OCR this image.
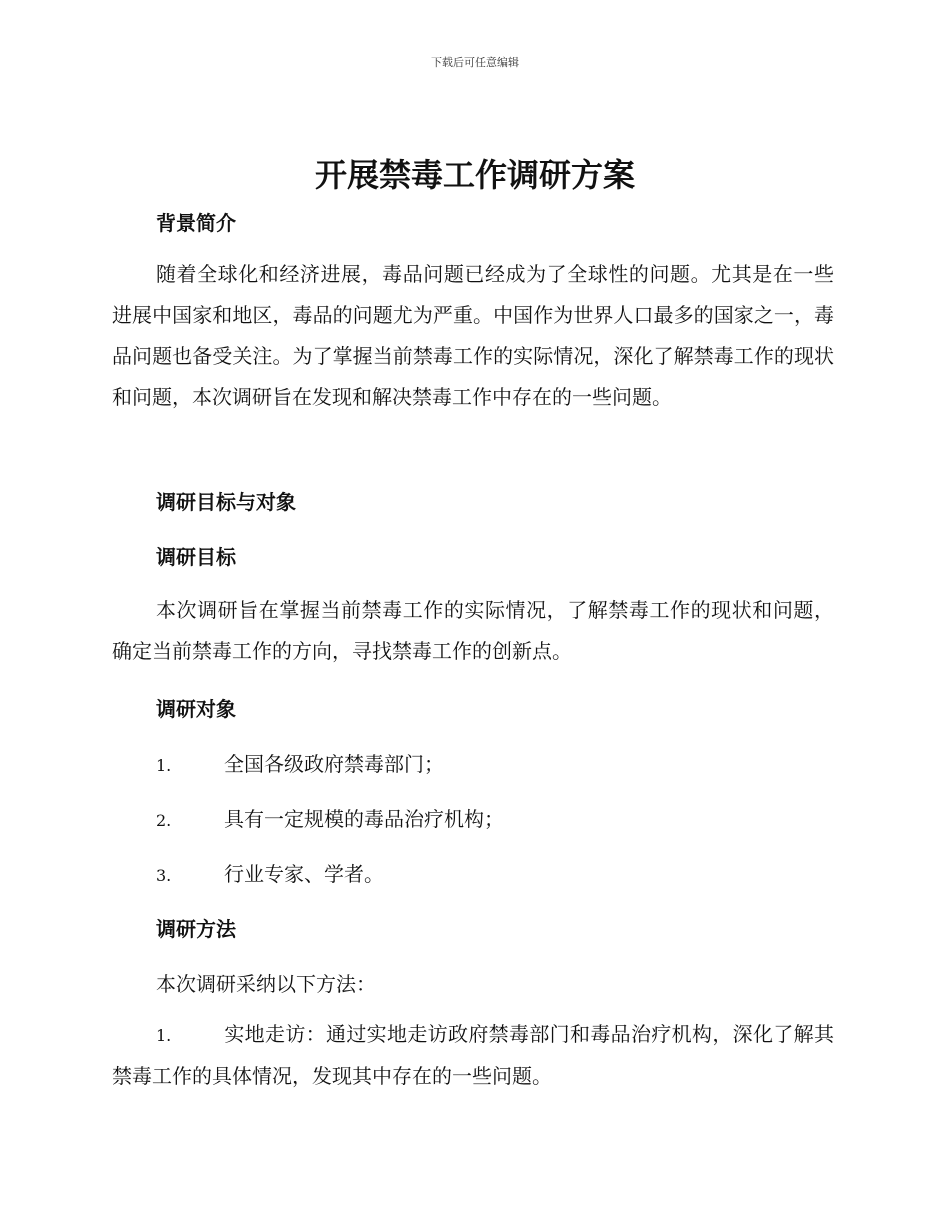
下载后可任意编辑
开展禁毒工作调研方案
背景简介
随着全球化和经济进展，毒品问题已经成为了全球性的问题。尤其是在一些进展中国家和地区，毒品的问题尤为严重。中国作为世界人口最多的国家之一，毒品问题也备受关注。为了掌握当前禁毒工作的实际情况，深化了解禁毒工作的现状和问题，本次调研旨在发现和解决禁毒工作中存在的一些问题。
调研目标与对象
调研目标
本次调研旨在掌握当前禁毒工作的实际情况，了解禁毒工作的现状和问题，确定当前禁毒工作的方向，寻找禁毒工作的创新点。
调研对象
1.	全国各级政府禁毒部门；
2.	具有一定规模的毒品治疗机构；
3.	行业专家、学者。
调研方法
本次调研采纳以下方法：
1.	实地走访：通过实地走访政府禁毒部门和毒品治疗机构，深化了解其禁毒工作的具体情况，发现其中存在的一些问题。
